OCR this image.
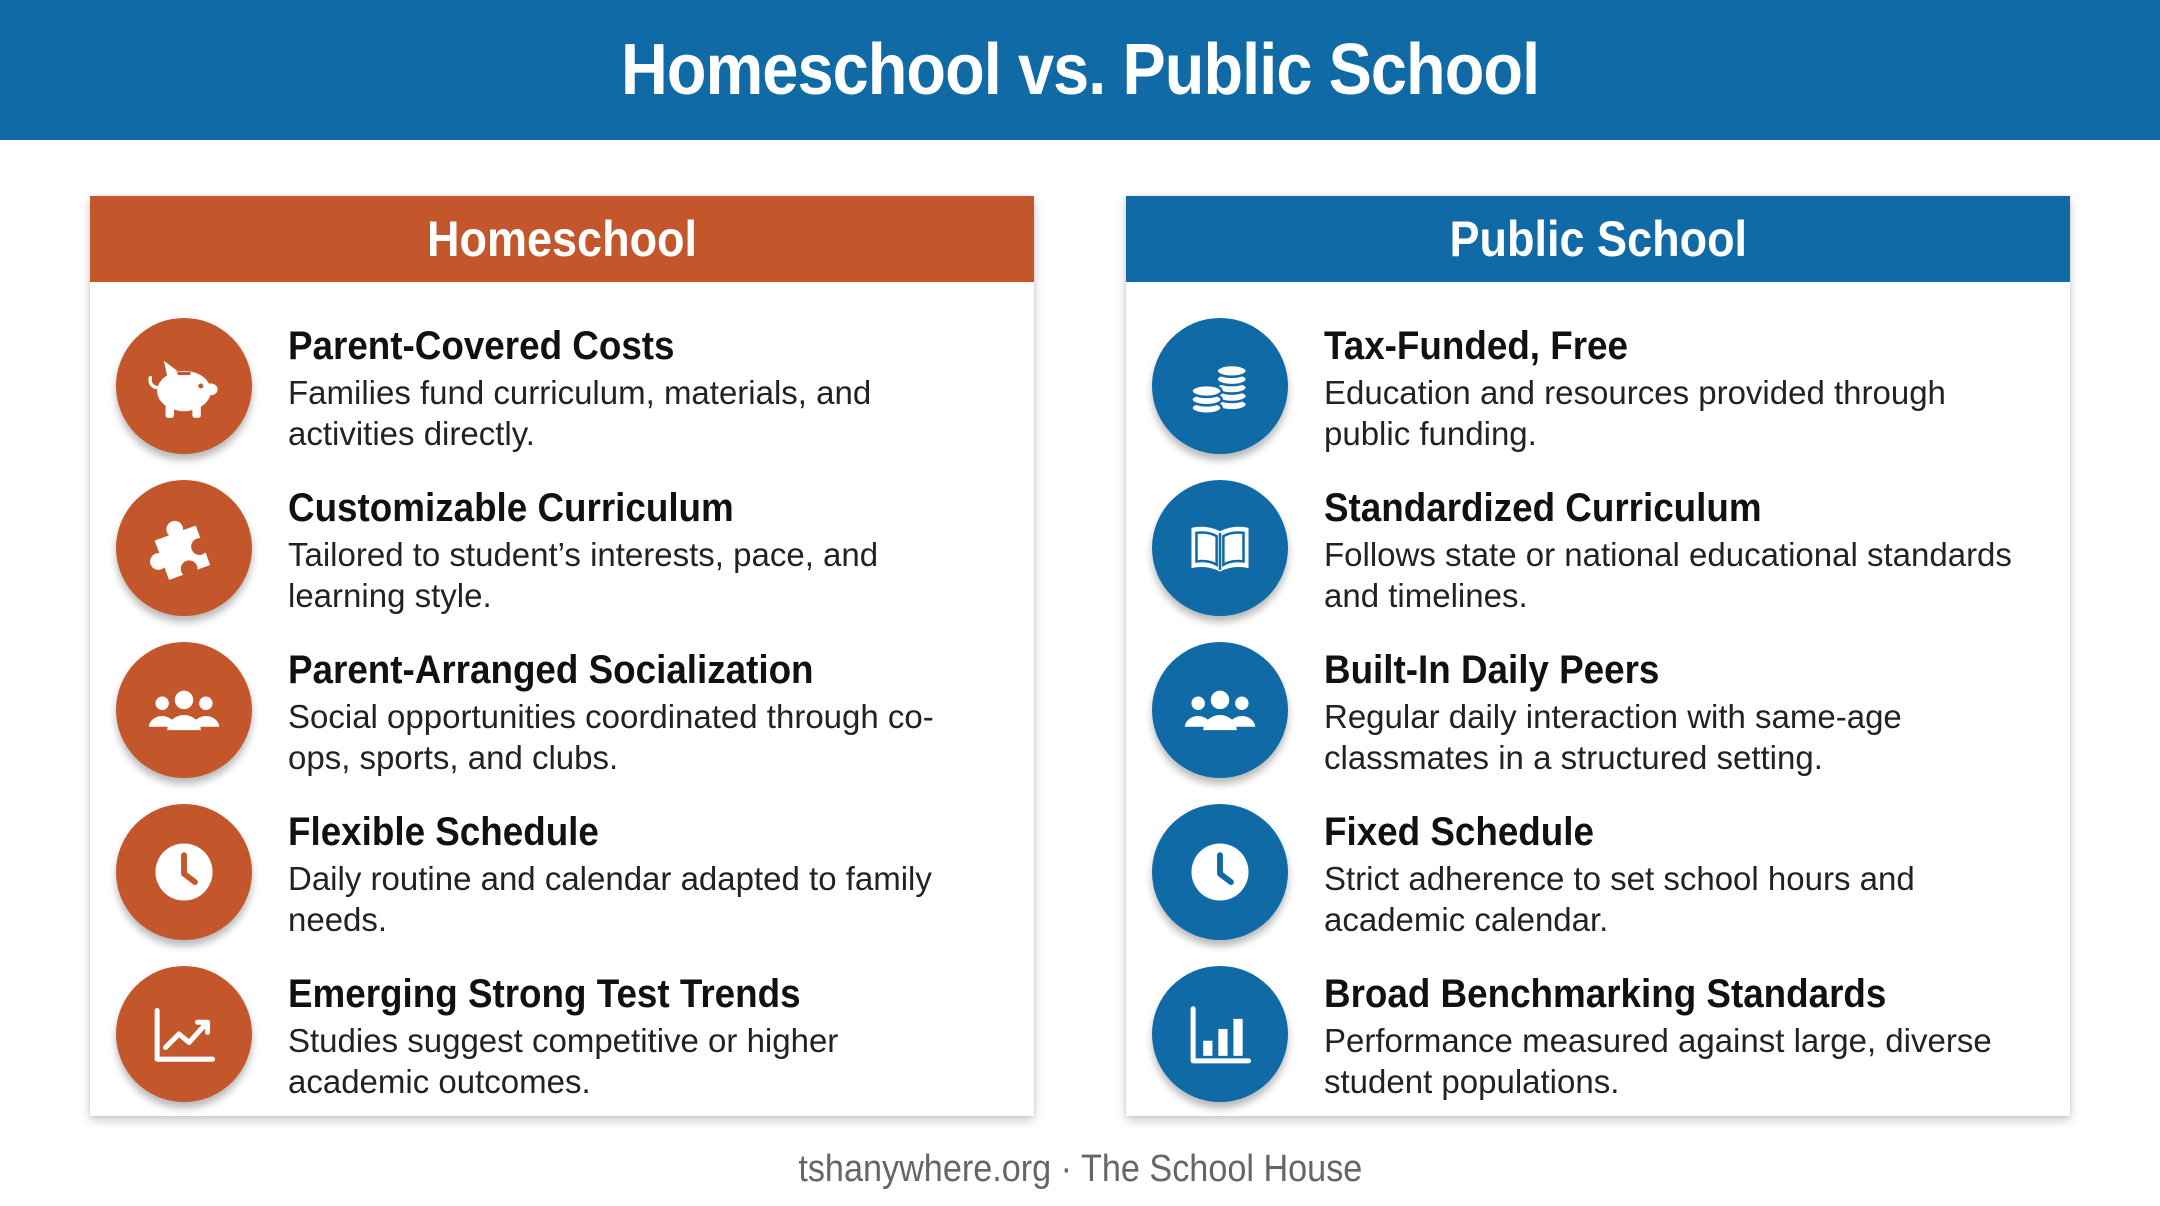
Homeschool vs. Public School
Homeschool
Parent-Covered Costs
Families fund curriculum, materials, and activities directly.
Customizable Curriculum
Tailored to student’s interests, pace, and learning style.
Parent-Arranged Socialization
Social opportunities coordinated through co-ops, sports, and clubs.
Flexible Schedule
Daily routine and calendar adapted to family needs.
Emerging Strong Test Trends
Studies suggest competitive or higher academic outcomes.
Public School
Tax-Funded, Free
Education and resources provided through public funding.
Standardized Curriculum
Follows state or national educational standards and timelines.
Built-In Daily Peers
Regular daily interaction with same-age classmates in a structured setting.
Fixed Schedule
Strict adherence to set school hours and academic calendar.
Broad Benchmarking Standards
Performance measured against large, diverse student populations.
tshanywhere.org · The School House
